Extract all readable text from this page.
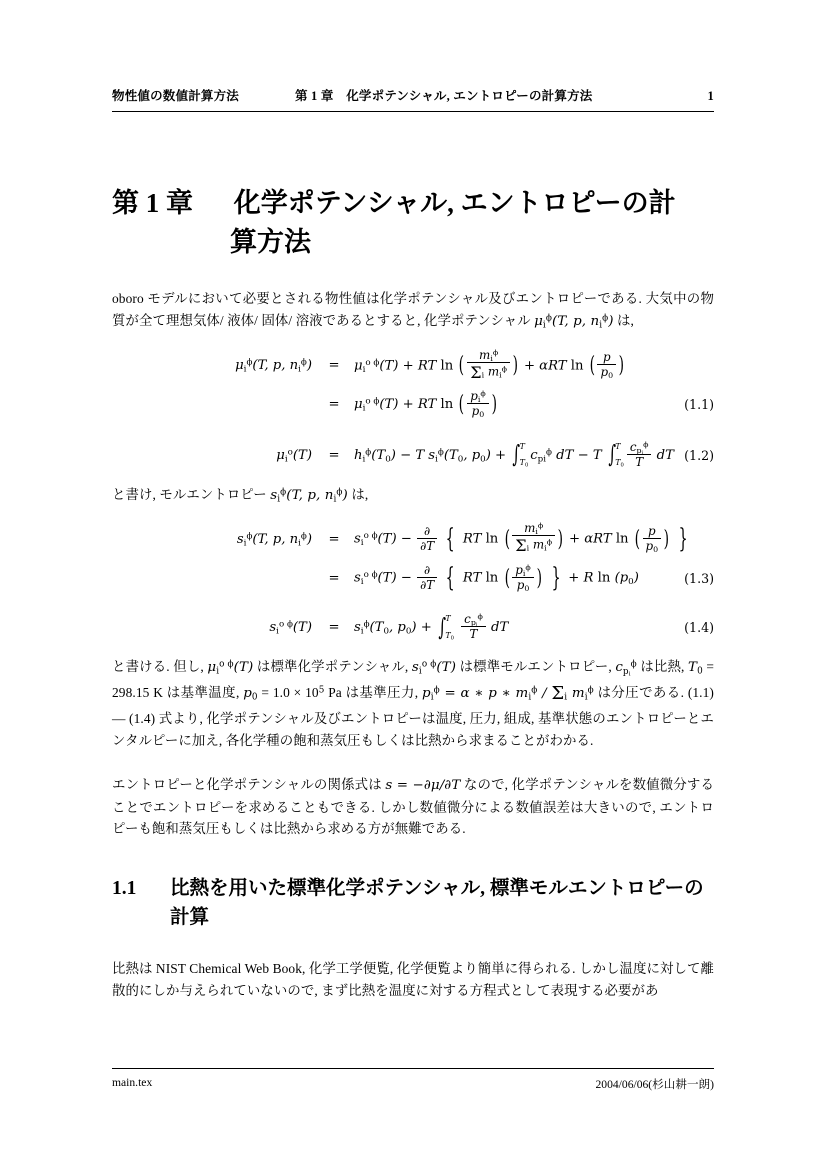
物性値の数値計算方法	第 1 章　化学ポテンシャル, エントロピーの計算方法	1
第 1 章 化学ポテンシャル, エントロピーの計
算方法
oboro モデルにおいて必要とされる物性値は化学ポテンシャル及びエントロピーである. 大気中の物質が全て理想気体/ 液体/ 固体/ 溶液であるとすると, 化学ポテンシャル $\mu_i^\phi(T$, p, $n_i^\phi$) は,
$\mu_i^\phi(T$, p, $n_i^\phi$)	=	$\mu_i^{o \phi}(T)$ + RT ln ( $\frac{m_i^\phi}{\Sigma_i m_i^\phi}$ ) + αRT ln ( $\frac{p}{p_0}$ )
=	$\mu_i^{o \phi}(T)$ + RT ln ( $\frac{p_i^\phi}{p_0}$ )	(1.1)
$\mu_i^o(T)$	=	$h_i^\phi(T_0) - T$ $s_i^\phi(T_0$, $p_0$) + ∫ T
$T_0$
$c_{pi}^\phi$ dT − T ∫ T
$T_0 \frac{c_{p_i}^\phi}{T}$ dT (1.2)
と書け, モルエントロピー $s_i^\phi(T$, p, $n_i^\phi$) は,
$s_i^\phi(T$, p, $n_i^\phi$)	=	$s_i^{o \phi}(T) - \frac{\partial}{\partial T}$ { RT ln ( $\frac{m_i^\phi}{\Sigma_i m_i^\phi}$ ) + αRT ln ( $\frac{p}{p_0}$ ) }
=	$s_i^{o \phi}(T) - \frac{\partial}{\partial T}$ { RT ln ( $\frac{p_i^\phi}{p_0}$ ) } + R $\ln (p_0)$	(1.3)
$s_i^{o \phi}(T)$	=	$s_i^\phi(T_0$, $p_0$) + ∫ T
$T_0$
$\frac{c_{p_i}^\phi}{T}$ dT	(1.4)
と書ける. 但し, $\mu_i^{o \phi}(T)$ は標準化学ポテンシャル, $s_i^{o \phi}(T)$ は標準モルエントロピー, $c_{p_i}^\phi$ は比熱, $T_0 = 298.15$ K は基準温度, $p_0 = 1.0 \times 10^5$ Pa は基準圧力, $p_i^\phi = \alpha$ ∗ p ∗ $m_i^\phi / \Sigma_i$ $m_i^\phi$ は分圧である. (1.1) — (1.4) 式より, 化学ポテンシャル及びエントロピーは温度, 圧力, 組成, 基準状態のエントロピーとエンタルピーに加え, 各化学種の飽和蒸気圧もしくは比熱から求まることがわかる.
エントロピーと化学ポテンシャルの関係式は s = −∂μ/∂T なので, 化学ポテンシャルを数値微分することでエントロピーを求めることもできる. しかし数値微分による数値誤差は大きいので, エントロピーも飽和蒸気圧もしくは比熱から求める方が無難である.
1.1 比熱を用いた標準化学ポテンシャル, 標準モルエントロピーの
計算
比熱は NIST Chemical Web Book, 化学工学便覧, 化学便覧より簡単に得られる. しかし温度に対して離散的にしか与えられていないので, まず比熱を温度に対する方程式として表現する必要があ
main.tex	2004/06/06(杉山耕一朗)
